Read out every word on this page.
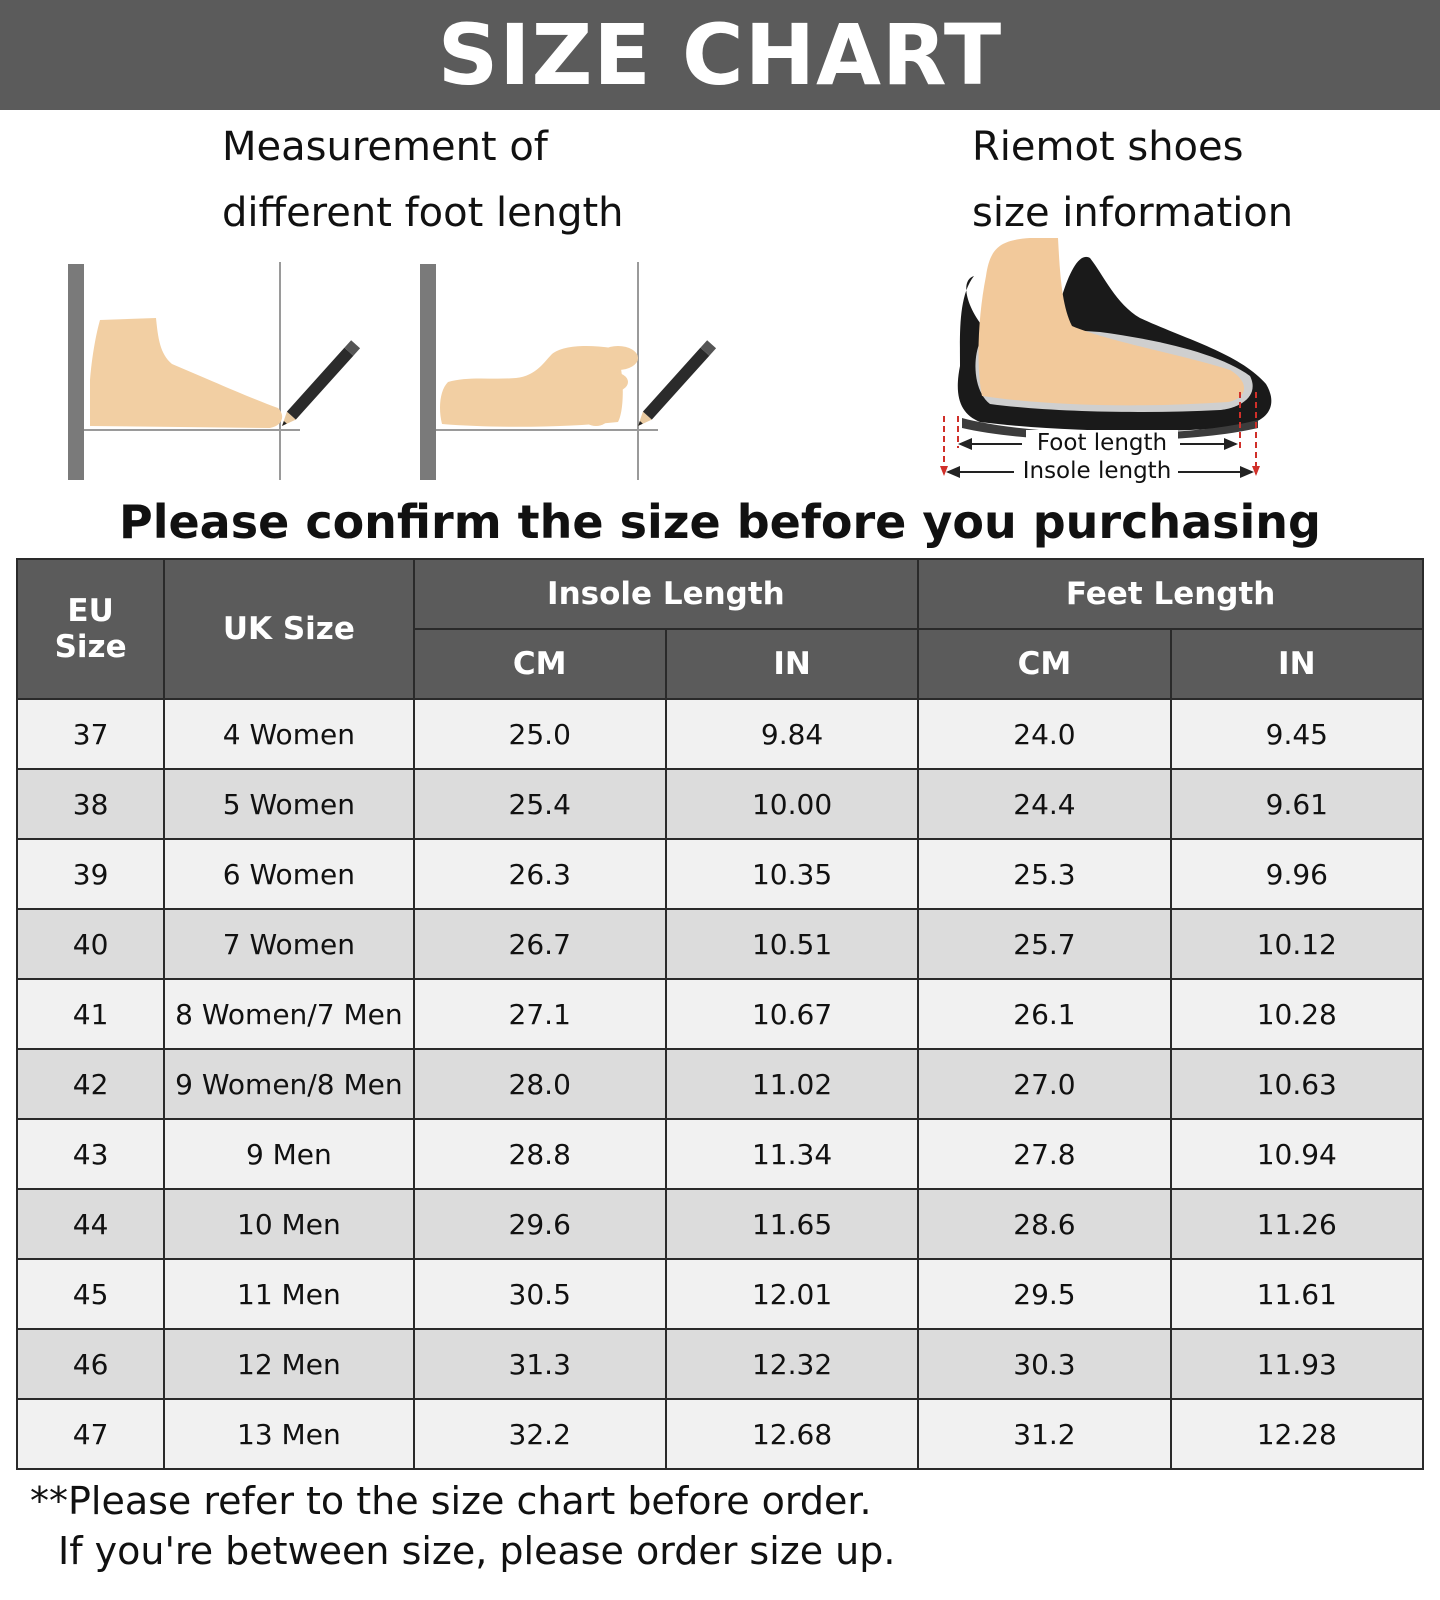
SIZE CHART
Measurement of
different foot length
Riemot shoes
size information
Foot length
Insole length
Please confirm the size before you purchasing
EU
Size	UK Size	Insole Length		Feet Length	
		CM	IN	CM	IN
37	4 Women	25.0	9.84	24.0	9.45
38	5 Women	25.4	10.00	24.4	9.61
39	6 Women	26.3	10.35	25.3	9.96
40	7 Women	26.7	10.51	25.7	10.12
41	8 Women/7 Men	27.1	10.67	26.1	10.28
42	9 Women/8 Men	28.0	11.02	27.0	10.63
43	9 Men	28.8	11.34	27.8	10.94
44	10 Men	29.6	11.65	28.6	11.26
45	11 Men	30.5	12.01	29.5	11.61
46	12 Men	31.3	12.32	30.3	11.93
47	13 Men	32.2	12.68	31.2	12.28
**Please refer to the size chart before order.
If you're between size, please order size up.
